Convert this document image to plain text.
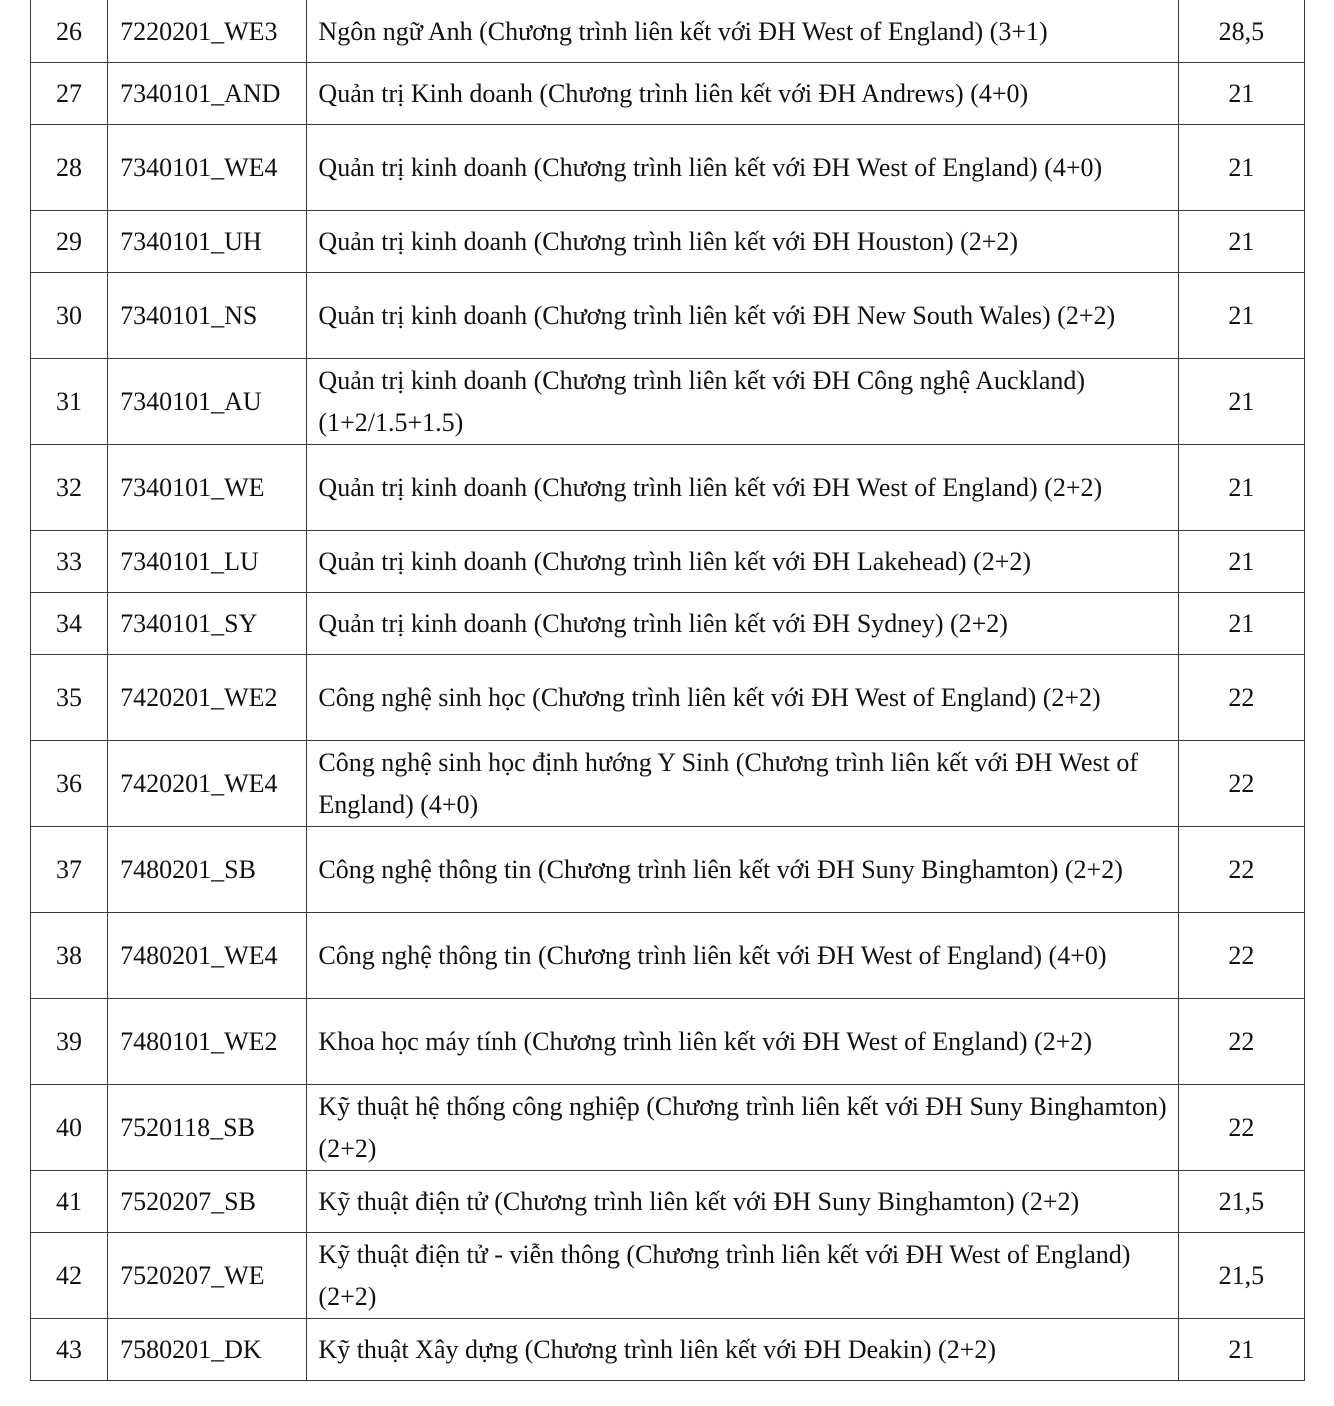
26	7220201_WE3	Ngôn ngữ Anh (Chương trình liên kết với ĐH West of England) (3+1)	28,5
27	7340101_AND	Quản trị Kinh doanh (Chương trình liên kết với ĐH Andrews) (4+0)	21
28	7340101_WE4	Quản trị kinh doanh (Chương trình liên kết với ĐH West of England) (4+0)	21
29	7340101_UH	Quản trị kinh doanh (Chương trình liên kết với ĐH Houston) (2+2)	21
30	7340101_NS	Quản trị kinh doanh (Chương trình liên kết với ĐH New South Wales) (2+2)	21
31	7340101_AU	Quản trị kinh doanh (Chương trình liên kết với ĐH Công nghệ Auckland) (1+2/1.5+1.5)	21
32	7340101_WE	Quản trị kinh doanh (Chương trình liên kết với ĐH West of England) (2+2)	21
33	7340101_LU	Quản trị kinh doanh (Chương trình liên kết với ĐH Lakehead) (2+2)	21
34	7340101_SY	Quản trị kinh doanh (Chương trình liên kết với ĐH Sydney) (2+2)	21
35	7420201_WE2	Công nghệ sinh học (Chương trình liên kết với ĐH West of England) (2+2)	22
36	7420201_WE4	Công nghệ sinh học định hướng Y Sinh (Chương trình liên kết với ĐH West of England) (4+0)	22
37	7480201_SB	Công nghệ thông tin (Chương trình liên kết với ĐH Suny Binghamton) (2+2)	22
38	7480201_WE4	Công nghệ thông tin (Chương trình liên kết với ĐH West of England) (4+0)	22
39	7480101_WE2	Khoa học máy tính (Chương trình liên kết với ĐH West of England) (2+2)	22
40	7520118_SB	Kỹ thuật hệ thống công nghiệp (Chương trình liên kết với ĐH Suny Binghamton) (2+2)	22
41	7520207_SB	Kỹ thuật điện tử (Chương trình liên kết với ĐH Suny Binghamton) (2+2)	21,5
42	7520207_WE	Kỹ thuật điện tử - viễn thông (Chương trình liên kết với ĐH West of England) (2+2)	21,5
43	7580201_DK	Kỹ thuật Xây dựng (Chương trình liên kết với ĐH Deakin) (2+2)	21
